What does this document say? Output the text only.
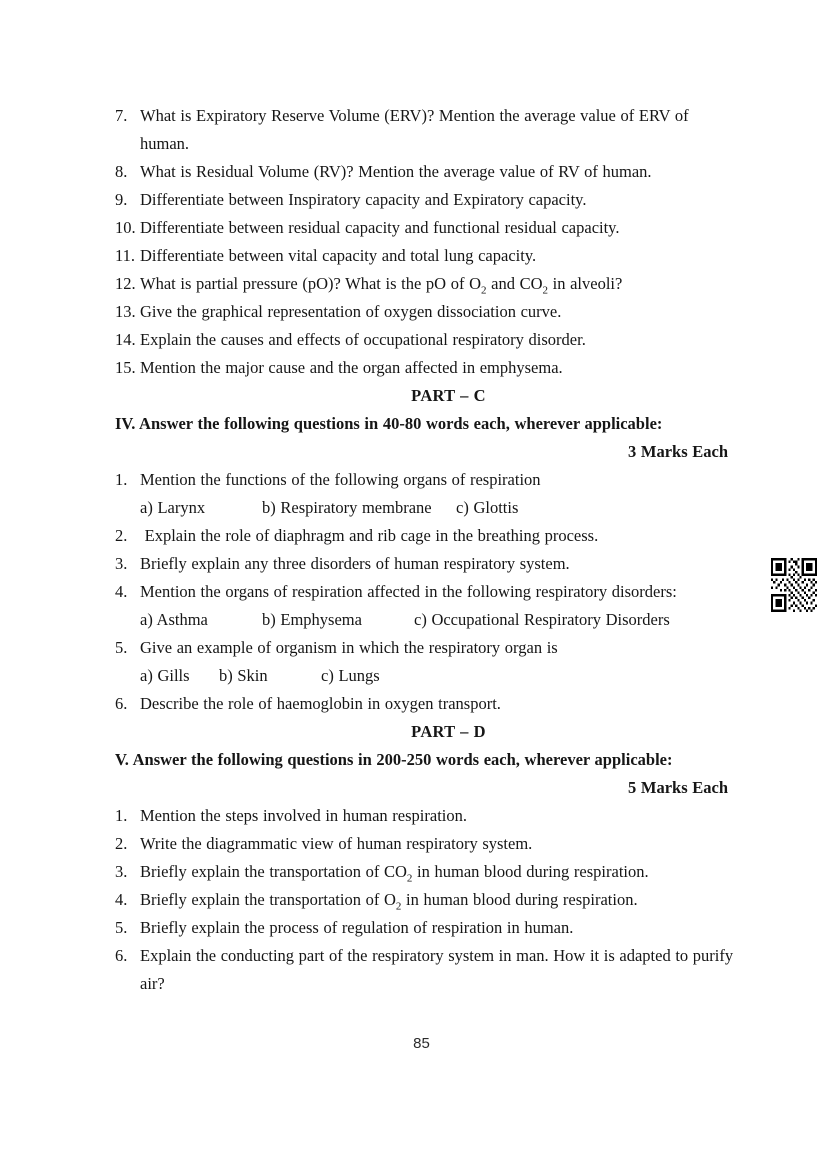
7. What is Expiratory Reserve Volume (ERV)? Mention the average value of ERV of
human.
8. What is Residual Volume (RV)? Mention the average value of RV of human.
9. Differentiate between Inspiratory capacity and Expiratory capacity.
10. Differentiate between residual capacity and functional residual capacity.
11. Differentiate between vital capacity and total lung capacity.
12. What is partial pressure (pO)? What is the pO of $O_2$ and $CO_2$ in alveoli?
13. Give the graphical representation of oxygen dissociation curve.
14. Explain the causes and effects of occupational respiratory disorder.
15. Mention the major cause and the organ affected in emphysema.
PART – C
IV. Answer the following questions in 40-80 words each, wherever applicable:
3 Marks Each
1. Mention the functions of the following organs of respiration
a) Larynx	b) Respiratory membrane	c) Glottis
2. Explain the role of diaphragm and rib cage in the breathing process.
3. Briefly explain any three disorders of human respiratory system.
4. Mention the organs of respiration affected in the following respiratory disorders:
a) Asthma	b) Emphysema	c) Occupational Respiratory Disorders
5. Give an example of organism in which the respiratory organ is
a) Gills	b) Skin	c) Lungs
6. Describe the role of haemoglobin in oxygen transport.
PART – D
V. Answer the following questions in 200-250 words each, wherever applicable:
5 Marks Each
1. Mention the steps involved in human respiration.
2. Write the diagrammatic view of human respiratory system.
3. Briefly explain the transportation of $CO_2$ in human blood during respiration.
4. Briefly explain the transportation of $O_2$ in human blood during respiration.
5. Briefly explain the process of regulation of respiration in human.
6. Explain the conducting part of the respiratory system in man. How it is adapted to purify
air?
85
